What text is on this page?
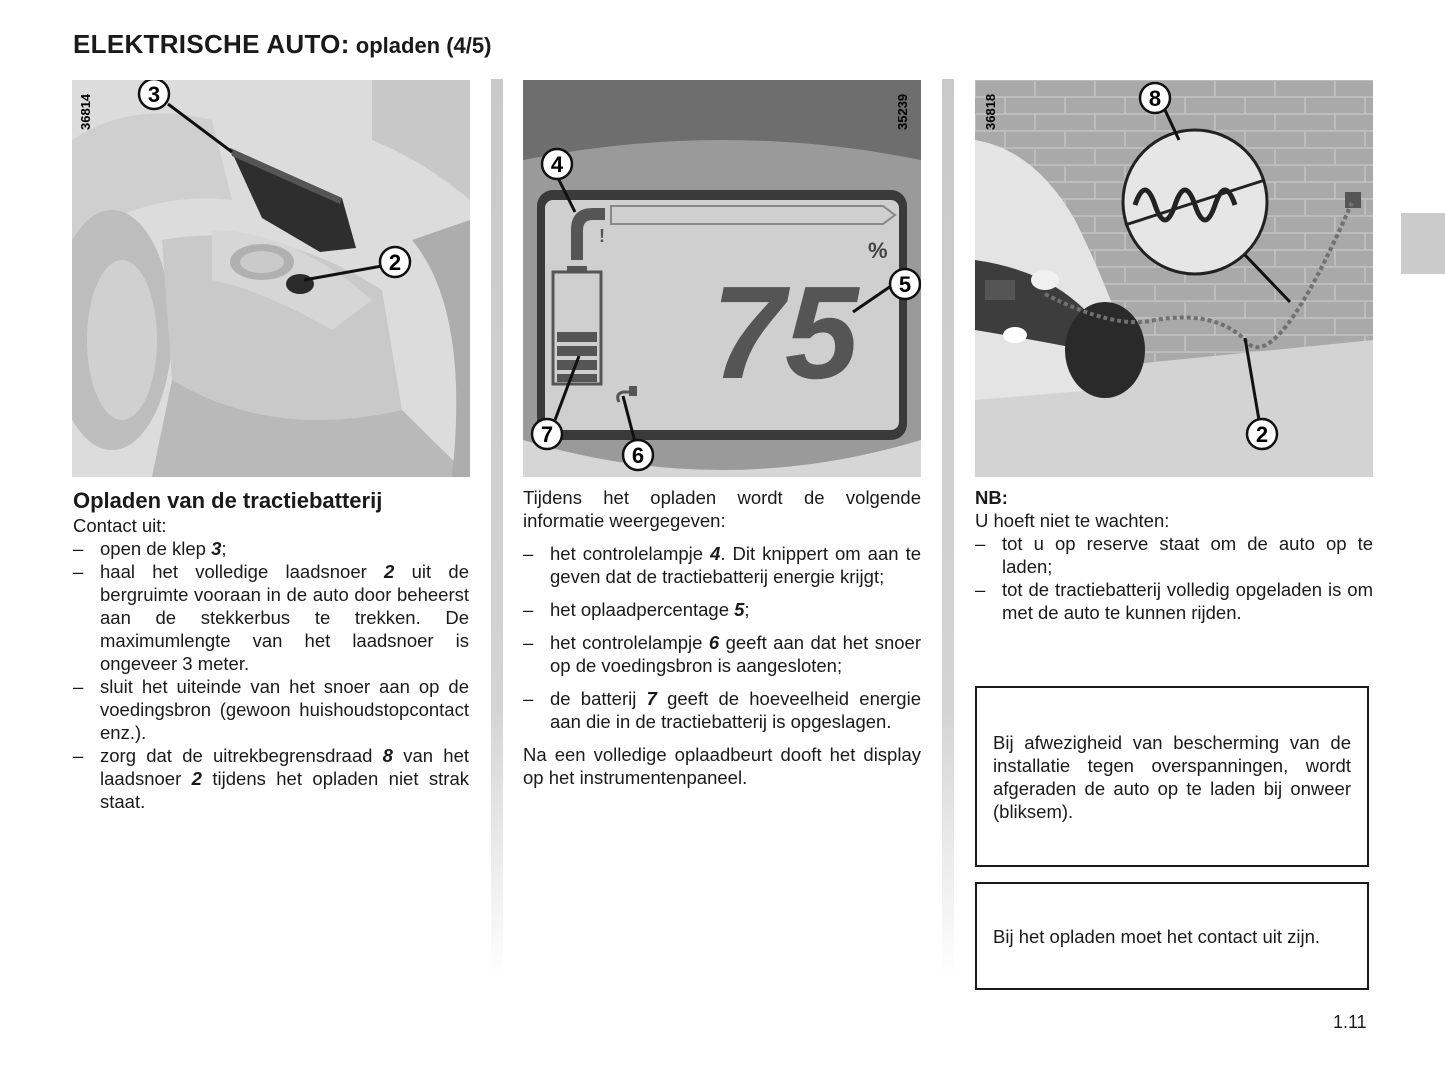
ELEKTRISCHE AUTO: opladen (4/5)
36814 3
2
!
%
75
35239
4
5
7
6
36818	8
2
Opladen van de tractiebatterij

Contact uit:

– open de klep 3;
– haal het volledige laadsnoer 2 uit de bergruimte vooraan in de auto door beheerst aan de stekkerbus te trekken. De maximumlengte van het laadsnoer is ongeveer 3 meter.
– sluit het uiteinde van het snoer aan op de voedingsbron (gewoon huishoudstopcontact enz.).
– zorg dat de uitrekbegrensdraad 8 van het laadsnoer 2 tijdens het opladen niet strak staat.

Tijdens het opladen wordt de volgende informatie weergegeven:

– het controlelampje 4. Dit knippert om aan te geven dat de tractiebatterij energie krijgt;
– het oplaadpercentage 5;
– het controlelampje 6 geeft aan dat het snoer op de voedingsbron is aangesloten;
– de batterij 7 geeft de hoeveelheid energie aan die in de tractiebatterij is opgeslagen.

Na een volledige oplaadbeurt dooft het display op het instrumentenpaneel.

NB:

U hoeft niet te wachten:

– tot u op reserve staat om de auto op te laden;
– tot de tractiebatterij volledig opgeladen is om met de auto te kunnen rijden.

Bij afwezigheid van bescherming van de installatie tegen overspanningen, wordt afgeraden de auto op te laden bij onweer (bliksem).

Bij het opladen moet het contact uit zijn.

1.11
